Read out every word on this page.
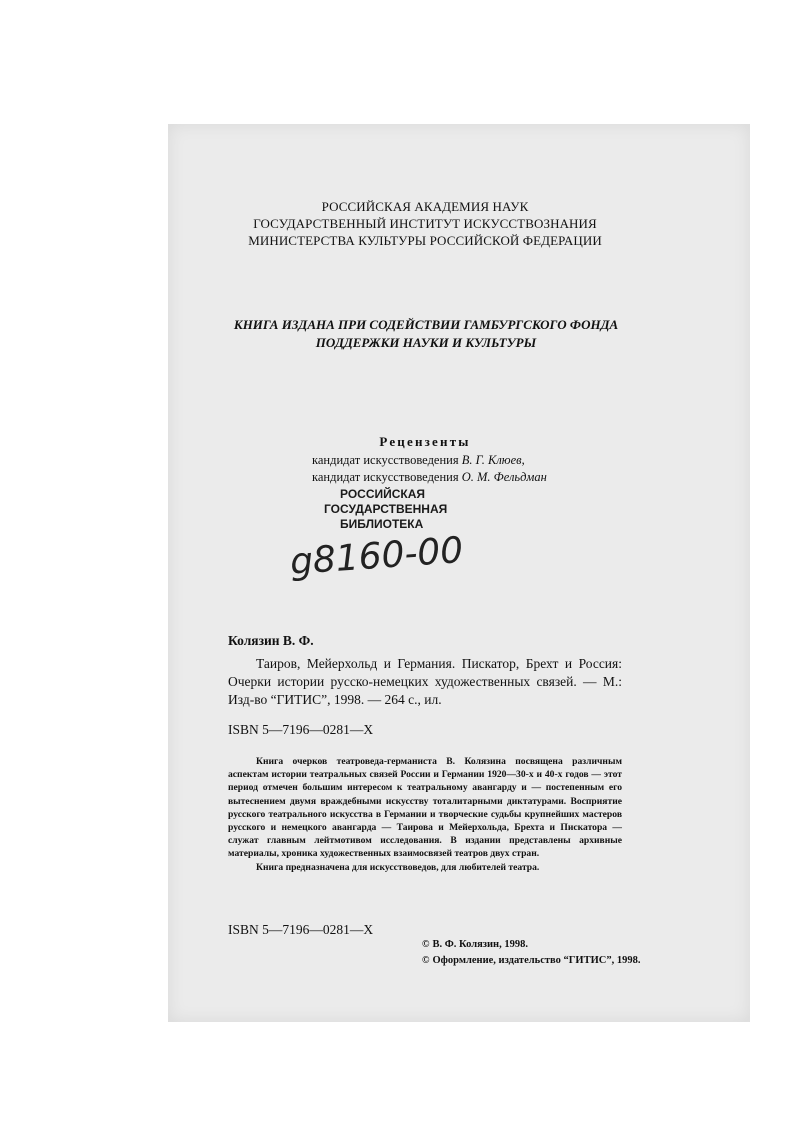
РОССИЙСКАЯ АКАДЕМИЯ НАУК
ГОСУДАРСТВЕННЫЙ ИНСТИТУТ ИСКУССТВОЗНАНИЯ
МИНИСТЕРСТВА КУЛЬТУРЫ РОССИЙСКОЙ ФЕДЕРАЦИИ
КНИГА ИЗДАНА ПРИ СОДЕЙСТВИИ ГАМБУРГСКОГО ФОНДА
ПОДДЕРЖКИ НАУКИ И КУЛЬТУРЫ
Рецензенты
кандидат искусствоведения В. Г. Клюев,
кандидат искусствоведения О. М. Фельдман
РОССИЙСКАЯ
ГОСУДАРСТВЕННАЯ
БИБЛИОТЕКА
g8160-00
Колязин В. Ф.

Таиров, Мейерхольд и Германия. Пискатор, Брехт и Россия: Очерки истории русско-немецких художественных связей. — М.: Изд-во “ГИТИС”, 1998. — 264 с., ил.

ISBN 5—7196—0281—X

Книга очерков театроведа-германиста В. Колязина посвящена различным аспектам истории театральных связей России и Германии 1920—30-х и 40-х годов — этот период отмечен большим интересом к театральному авангарду и — постепенным его вытеснением двумя враждебными искусству тоталитарными диктатурами. Восприятие русского театрального искусства в Германии и творческие судьбы крупнейших мастеров русского и немецкого авангарда — Таирова и Мейерхольда, Брехта и Пискатора — служат главным лейтмотивом исследования. В издании представлены архивные материалы, хроника художественных взаимосвязей театров двух стран.

Книга предназначена для искусствоведов, для любителей театра.

ISBN 5—7196—0281—X
© В. Ф. Колязин, 1998.
© Оформление, издательство “ГИТИС”, 1998.
